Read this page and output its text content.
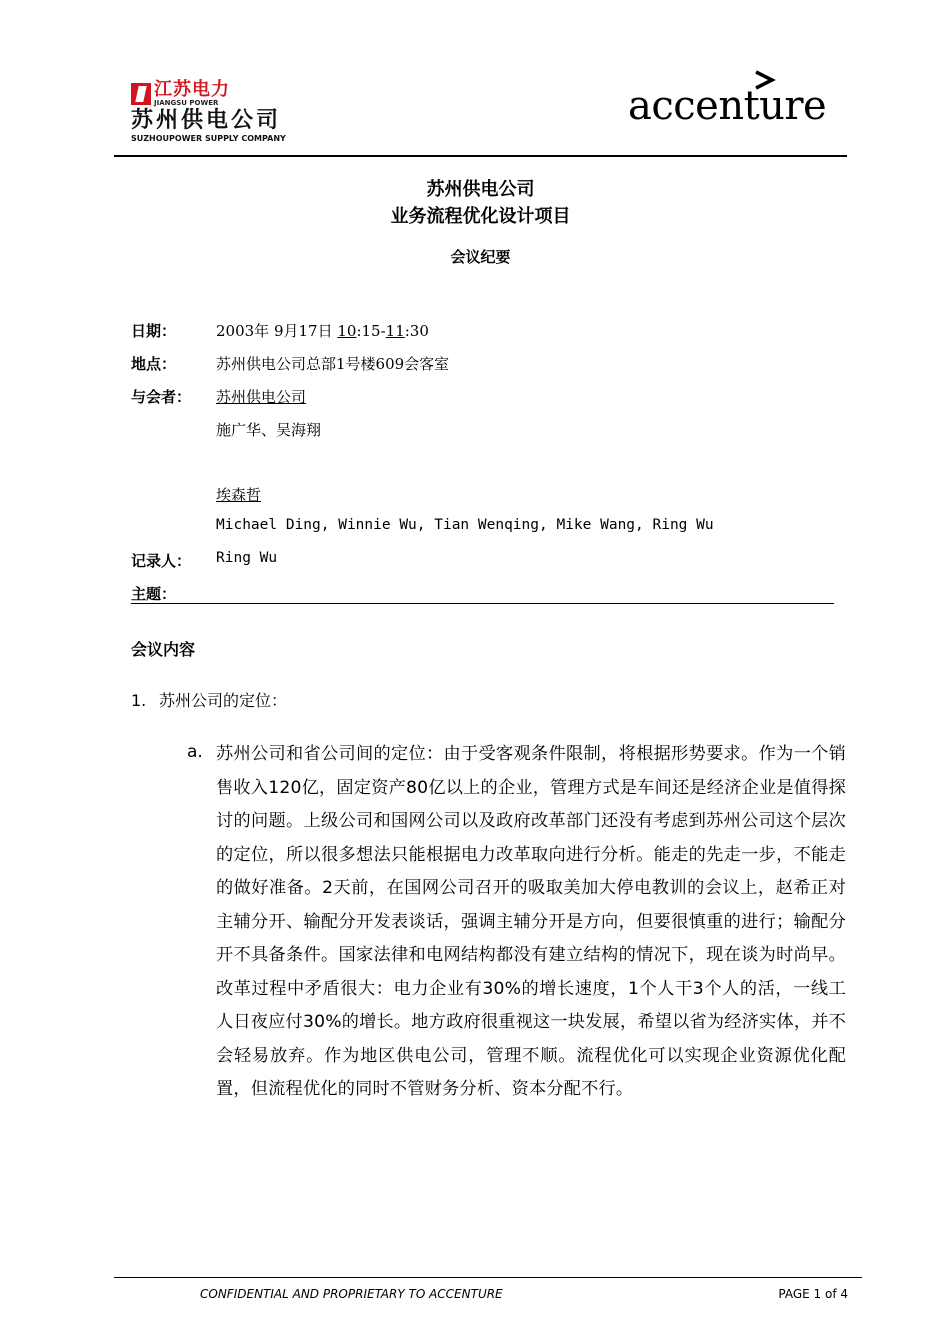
江苏电力
JIANGSU POWER
苏州供电公司
SUZHOUPOWER SUPPLY COMPANY
accenture
苏州供电公司
业务流程优化设计项目
会议纪要
日期：	2003年 9月17日 10:15-11:30
地点：	苏州供电公司总部1号楼609会客室
与会者： 苏州供电公司
施广华、吴海翔
埃森哲
Michael Ding, Winnie Wu, Tian Wenqing, Mike Wang, Ring Wu
记录人： Ring Wu
主题：
会议内容
1. 苏州公司的定位：
a. 苏州公司和省公司间的定位：由于受客观条件限制，将根据形势要求。作为一个销售收入120亿，固定资产80亿以上的企业，管理方式是车间还是经济企业是值得探讨的问题。上级公司和国网公司以及政府改革部门还没有考虑到苏州公司这个层次的定位，所以很多想法只能根据电力改革取向进行分析。能走的先走一步，不能走的做好准备。2天前，在国网公司召开的吸取美加大停电教训的会议上，赵希正对主辅分开、输配分开发表谈话，强调主辅分开是方向，但要很慎重的进行；输配分开不具备条件。国家法律和电网结构都没有建立结构的情况下，现在谈为时尚早。改革过程中矛盾很大：电力企业有30%的增长速度，1个人干3个人的活，一线工人日夜应付30%的增长。地方政府很重视这一块发展，希望以省为经济实体，并不会轻易放弃。作为地区供电公司，管理不顺。流程优化可以实现企业资源优化配置，但流程优化的同时不管财务分析、资本分配不行。
CONFIDENTIAL AND PROPRIETARY TO ACCENTURE	PAGE 1 of 4
